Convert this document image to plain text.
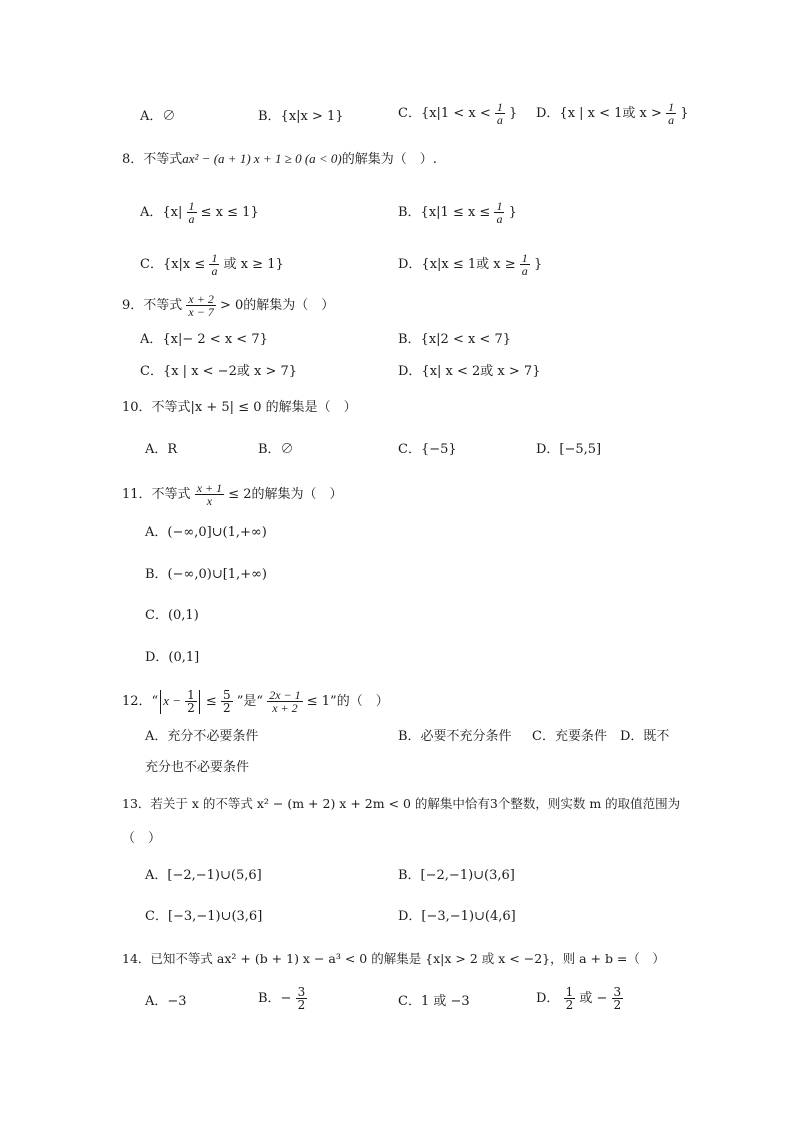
A．∅	B．{x|x > 1}	C．{$x|1 < x < \frac{1}{a}$ } D．{x | x < 1或 $x > \frac{1}{a}$ }
8．不等式ax² − (a + 1) x + 1 ≥ 0 (a < 0)的解集为（　）.
A．$\{x| \frac{1}{a} \le x \le 1\}$	B．{$x|1 \le x \le \frac{1}{a}$ }
C．{$x|x \le \frac{1}{a}$ 或 x ≥ 1}	D．{x|x ≤ 1或 $x \ge \frac{1}{a}$ }
9．不等式 $\frac{x + 2}{x - 7} > 0$的解集为（　）
A．{x|− 2 < x < 7}	B．{x|2 < x < 7}
C．{x | x < −2或 x > 7}	D．{x| x < 2或 x > 7}
10．不等式|x + 5| ≤ 0 的解集是（　）
A．R	B．∅	C．{−5}	D．[−5,5]
11．不等式 $\frac{x + 1}{x} \le 2$的解集为（　）
A．(−∞,0]∪(1,+∞)
B．(−∞,0)∪[1,+∞)
C．(0,1)
D．(0,1]
12．“ $x - \frac{1}{2} \le \frac{5}{2}$ ”是“ $\frac{2x - 1}{x + 2} \le 1$”的（　）
A．充分不必要条件	B．必要不充分条件 C．充要条件 D．既不
充分也不必要条件
13．若关于 x 的不等式 x² − (m + 2) x + 2m < 0 的解集中恰有3个整数，则实数 m 的取值范围为
（　）
A．[−2,−1)∪(5,6]	B．[−2,−1)∪(3,6]
C．[−3,−1)∪(3,6]	D．[−3,−1)∪(4,6]
14．已知不等式 ax² + (b + 1) x − a³ < 0 的解集是 {x|x > 2 或 x < −2}，则 a + b =（　）
A．−3	B．− $\frac{3}{2}$	C．1 或 −3	D． $\frac{1}{2}$ 或 − $\frac{3}{2}$
